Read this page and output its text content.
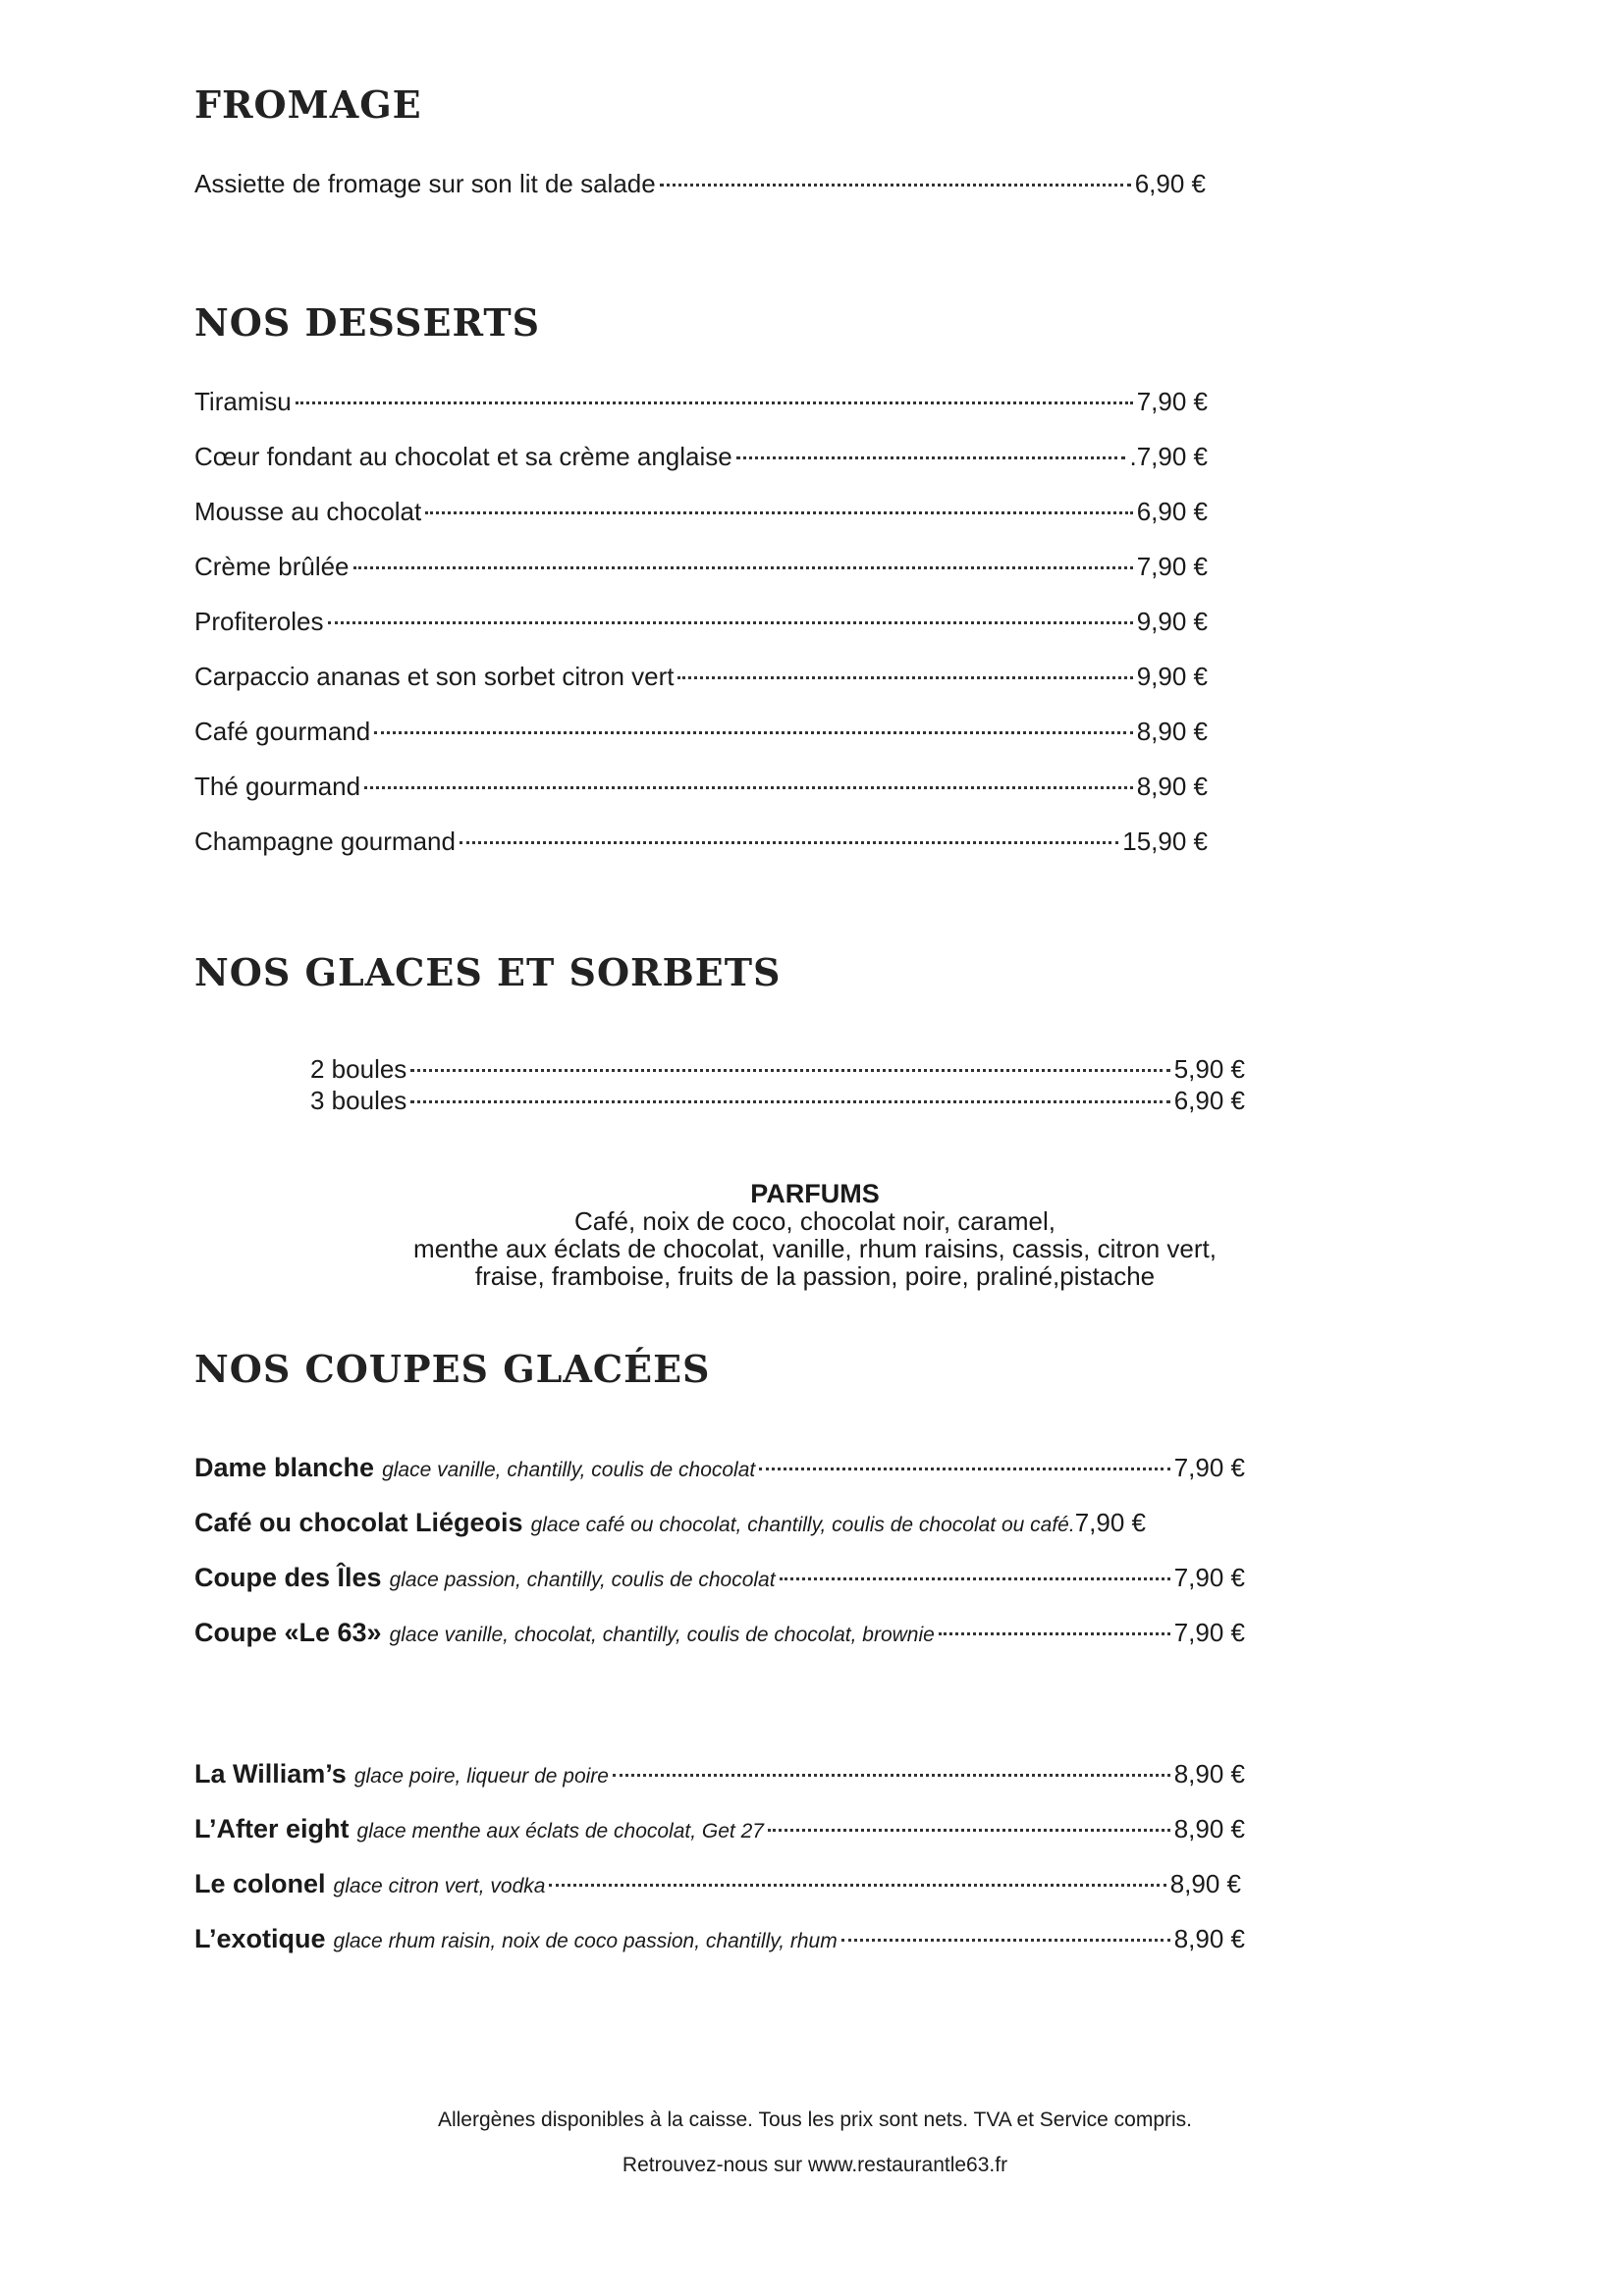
FROMAGE
Assiette de fromage sur son lit de salade	6,90 €
NOS DESSERTS
Tiramisu	7,90 €
Cœur fondant au chocolat et sa crème anglaise	.7,90 €
Mousse au chocolat	6,90 €
Crème brûlée	7,90 €
Profiteroles	9,90 €
Carpaccio ananas et son sorbet citron vert	9,90 €
Café gourmand	8,90 €
Thé gourmand	8,90 €
Champagne gourmand	15,90 €
NOS GLACES ET SORBETS
2 boules	5,90 €
3 boules	6,90 €
PARFUMS
Café, noix de coco, chocolat noir, caramel,
menthe aux éclats de chocolat, vanille, rhum raisins, cassis, citron vert,
fraise, framboise, fruits de la passion, poire, praliné,pistache
NOS COUPES GLACÉES
Dame blanche glace vanille, chantilly, coulis de chocolat	7,90 €
Café ou chocolat Liégeois glace café ou chocolat, chantilly, coulis de chocolat ou café. 7,90 €
Coupe des Îles glace passion, chantilly, coulis de chocolat	7,90 €
Coupe «Le 63» glace vanille, chocolat, chantilly, coulis de chocolat, brownie	7,90 €
La William’s glace poire, liqueur de poire	8,90 €
L’After eight glace menthe aux éclats de chocolat, Get 27	8,90 €
Le colonel glace citron vert, vodka	8,90 €
L’exotique glace rhum raisin, noix de coco passion, chantilly, rhum	8,90 €
Allergènes disponibles à la caisse. Tous les prix sont nets. TVA et Service compris.
Retrouvez-nous sur www.restaurantle63.fr
